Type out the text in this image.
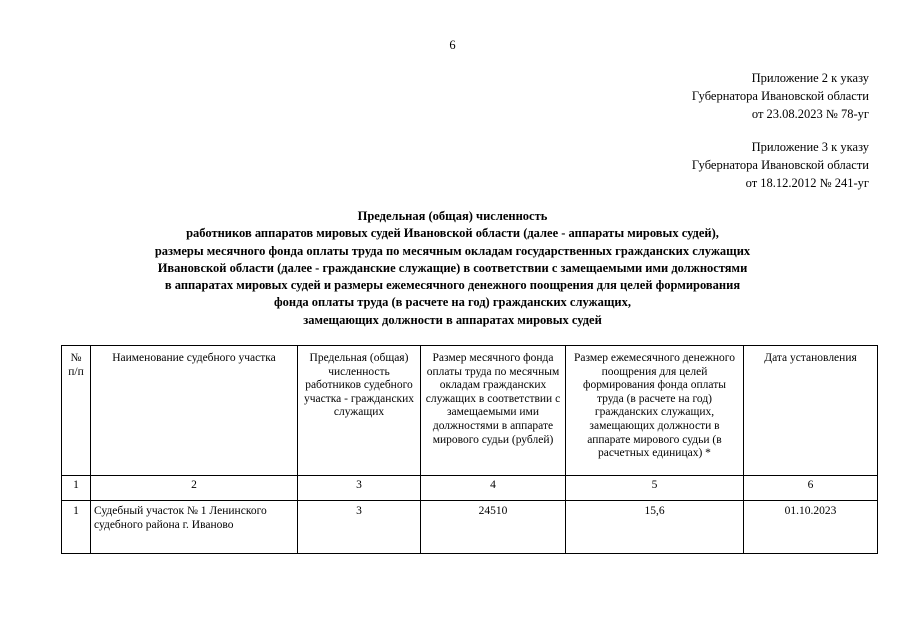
6
Приложение 2 к указу
Губернатора Ивановской области
от 23.08.2023 № 78-уг
Приложение 3 к указу
Губернатора Ивановской области
от 18.12.2012 № 241-уг
Предельная (общая) численность
работников аппаратов мировых судей Ивановской области (далее - аппараты мировых судей),
размеры месячного фонда оплаты труда по месячным окладам государственных гражданских служащих
Ивановской области (далее - гражданские служащие) в соответствии с замещаемыми ими должностями
в аппаратах мировых судей и размеры ежемесячного денежного поощрения для целей формирования
фонда оплаты труда (в расчете на год) гражданских служащих,
замещающих должности в аппаратах мировых судей
№ п/п	Наименование судебного участка	Предельная (общая) численность работников судебного участка - гражданских служащих	Размер месячного фонда оплаты труда по месячным окладам гражданских служащих в соответствии с замещаемыми ими должностями в аппарате мирового судьи (рублей)	Размер ежемесячного денежного поощрения для целей формирования фонда оплаты труда (в расчете на год) гражданских служащих, замещающих должности в аппарате мирового судьи (в расчетных единицах) *	Дата установления
1	2	3	4	5	6
1	Судебный участок № 1 Ленинского судебного района г. Иваново	3	24510	15,6	01.10.2023
